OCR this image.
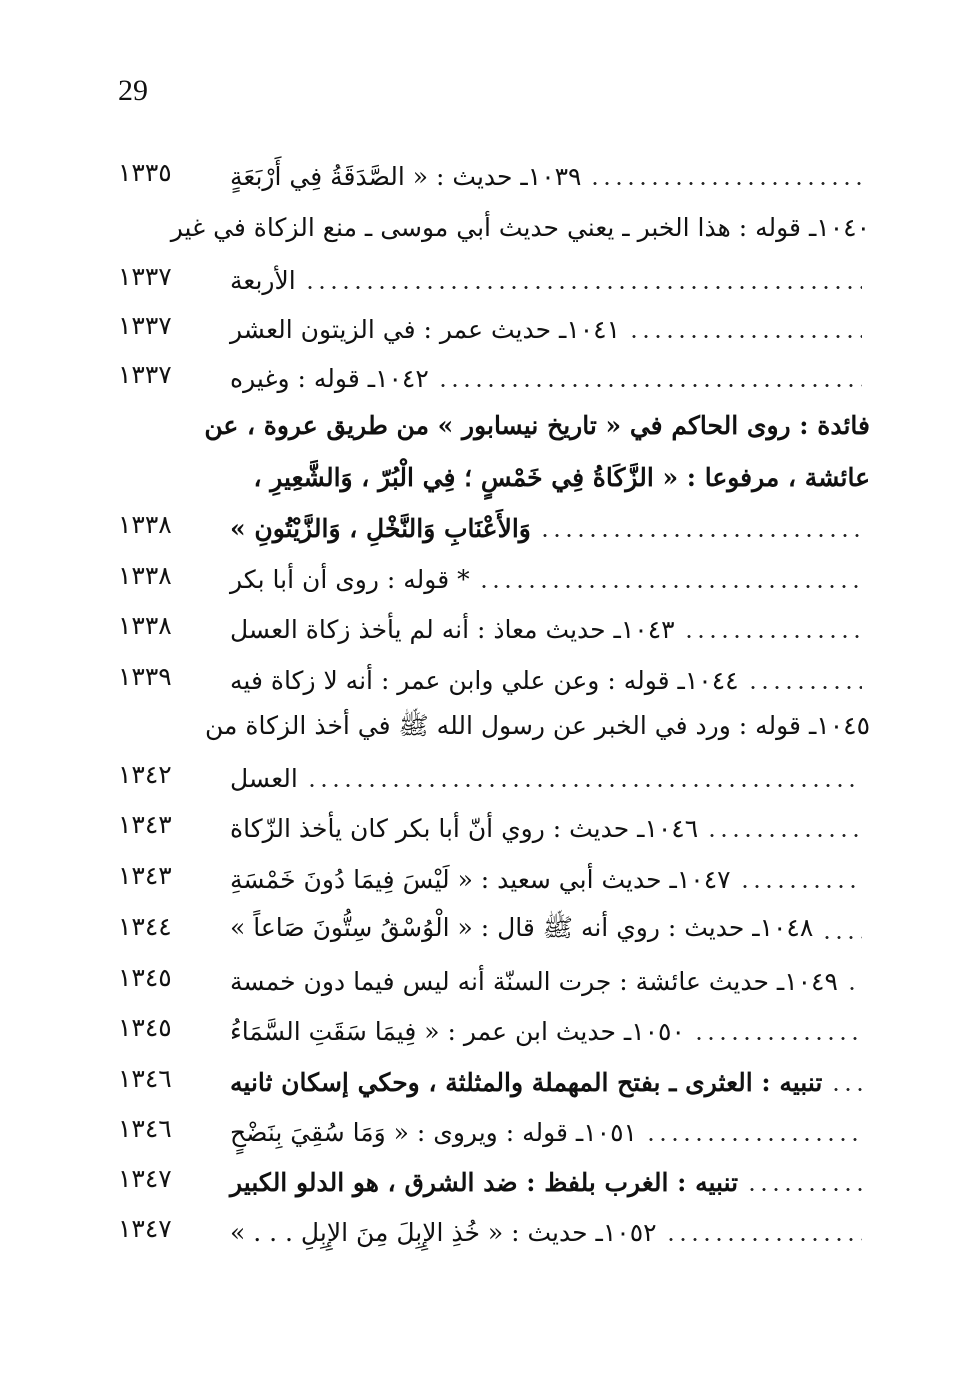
29
١٣٣٥	١٠٣٩ـ حديث : « الصَّدَقَةُ فِي أَرْبَعَةٍ
١٠٤٠ـ قوله : هذا الخبر ـ يعني حديث أبي موسى ـ منع الزكاة في غير
١٣٣٧	الأربعة
١٣٣٧	١٠٤١ـ حديث عمر : في الزيتون العشر
١٣٣٧	١٠٤٢ـ قوله : وغيره
فائدة : روى الحاكم في « تاريخ نيسابور » من طريق عروة ، عن
عائشة ، مرفوعا : « الزَّكَاةُ فِي خَمْسٍ ؛ فِي الْبُرّ ، وَالشَّعِيرِ ،
١٣٣٨	وَالأَعْنَابِ وَالنَّخْلِ ، وَالزَّيْتُونِ »
١٣٣٨	* قوله : روى أن أبا بكر
١٣٣٨	١٠٤٣ـ حديث معاذ : أنه لم يأخذ زكاة العسل
١٣٣٩	١٠٤٤ـ قوله : وعن علي وابن عمر : أنه لا زكاة فيه
١٠٤٥ـ قوله : ورد في الخبر عن رسول الله ﷺ في أخذ الزكاة من
١٣٤٢	العسل
١٣٤٣	١٠٤٦ـ حديث : روي أنّ أبا بكر كان يأخذ الزّكاة
١٣٤٣	١٠٤٧ـ حديث أبي سعيد : « لَيْسَ فِيمَا دُونَ خَمْسَةِ
١٣٤٤	١٠٤٨ـ حديث : روي أنه ﷺ قال : « الْوُسْقُ سِتُّونَ صَاعاً »
١٣٤٥	١٠٤٩ـ حديث عائشة : جرت السنّة أنه ليس فيما دون خمسة
١٣٤٥	١٠٥٠ـ حديث ابن عمر : « فِيمَا سَقَتِ السَّمَاءُ
١٣٤٦	تنبيه : العثرى ـ بفتح المهملة والمثلثة ، وحكي إسكان ثانيه
١٣٤٦	١٠٥١ـ قوله : ويروى : « وَمَا سُقِيَ بِنَضْحٍ
١٣٤٧	تنبيه : الغرب بلفظ : ضد الشرق ، هو الدلو الكبير
١٣٤٧	١٠٥٢ـ حديث : « خُذِ الإِبِلَ مِنَ الإِبِلِ . . . »
